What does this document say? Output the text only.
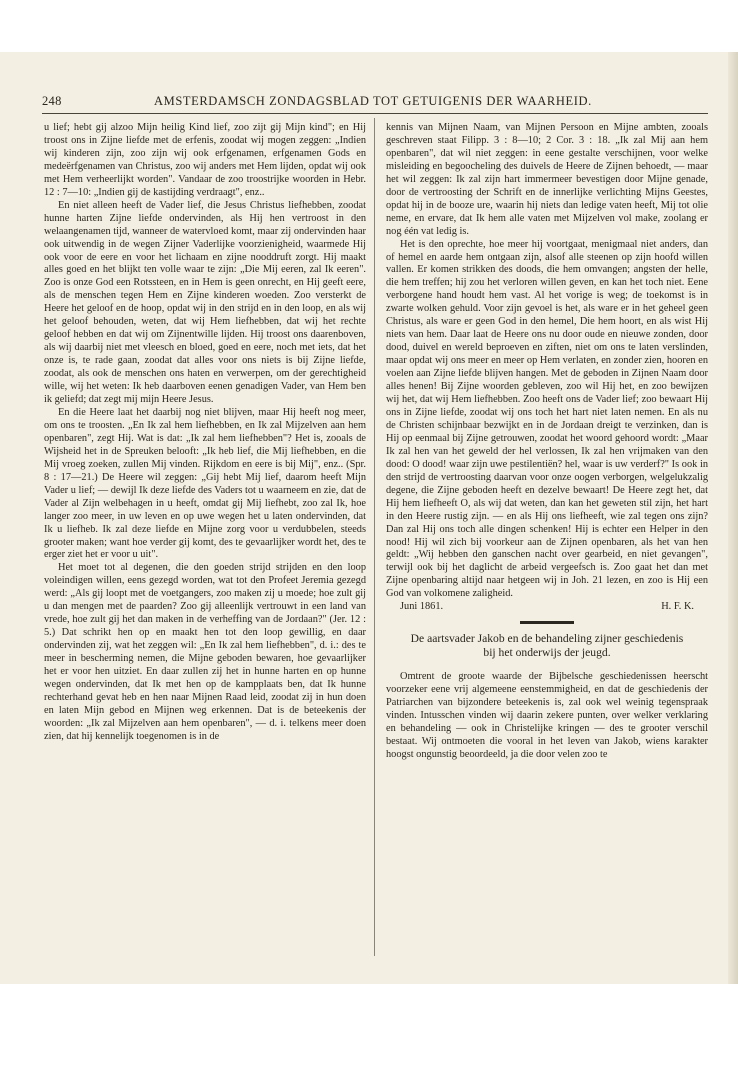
248	AMSTERDAMSCH ZONDAGSBLAD TOT GETUIGENIS DER WAARHEID.

u lief; hebt gij alzoo Mijn heilig Kind lief, zoo zijt gij Mijn kind"; en Hij troost ons in Zijne liefde met de erfenis, zoodat wij mogen zeggen: „Indien wij kinderen zijn, zoo zijn wij ook erfgenamen, erfgenamen Gods en medeërfgenamen van Christus, zoo wij anders met Hem lijden, opdat wij ook met Hem verheerlijkt worden". Vandaar de zoo troostrijke woorden in Hebr. 12 : 7—10: „Indien gij de kastijding verdraagt", enz..

En niet alleen heeft de Vader lief, die Jesus Christus liefhebben, zoodat hunne harten Zijne liefde ondervinden, als Hij hen vertroost in den welaangenamen tijd, wanneer de watervloed komt, maar zij ondervinden haar ook uitwendig in de wegen Zijner Vaderlijke voorzienigheid, waarmede Hij ook voor de eere en voor het lichaam en zijne nooddruft zorgt. Hij maakt alles goed en het blijkt ten volle waar te zijn: „Die Mij eeren, zal Ik eeren". Zoo is onze God een Rotssteen, en in Hem is geen onrecht, en Hij geeft eere, als de menschen tegen Hem en Zijne kinderen woeden. Zoo versterkt de Heere het geloof en de hoop, opdat wij in den strijd en in den loop, en als wij het geloof behouden, weten, dat wij Hem liefhebben, dat wij het rechte geloof hebben en dat wij om Zijnentwille lijden. Hij troost ons daarenboven, als wij daarbij niet met vleesch en bloed, goed en eere, noch met iets, dat het onze is, te rade gaan, zoodat dat alles voor ons niets is bij Zijne liefde, zoodat, als ook de menschen ons haten en verwerpen, om der gerechtigheid wille, wij het weten: Ik heb daarboven eenen genadigen Vader, van Hem ben ik geliefd; dat zegt mij mijn Heere Jesus.

En die Heere laat het daarbij nog niet blijven, maar Hij heeft nog meer, om ons te troosten. „En Ik zal hem liefhebben, en Ik zal Mijzelven aan hem openbaren", zegt Hij. Wat is dat: „Ik zal hem liefhebben"? Het is, zooals de Wijsheid het in de Spreuken belooft: „Ik heb lief, die Mij liefhebben, en die Mij vroeg zoeken, zullen Mij vinden. Rijkdom en eere is bij Mij", enz.. (Spr. 8 : 17—21.) De Heere wil zeggen: „Gij hebt Mij lief, daarom heeft Mijn Vader u lief; — dewijl Ik deze liefde des Vaders tot u waarneem en zie, dat de Vader al Zijn welbehagen in u heeft, omdat gij Mij liefhebt, zoo zal Ik, hoe langer zoo meer, in uw leven en op uwe wegen het u laten ondervinden, dat Ik u liefheb. Ik zal deze liefde en Mijne zorg voor u verdubbelen, steeds grooter maken; want hoe verder gij komt, des te gevaarlijker wordt het, des te erger ziet het er voor u uit".

Het moet tot al degenen, die den goeden strijd strijden en den loop voleindigen willen, eens gezegd worden, wat tot den Profeet Jeremia gezegd werd: „Als gij loopt met de voetgangers, zoo maken zij u moede; hoe zult gij u dan mengen met de paarden? Zoo gij alleenlijk vertrouwt in een land van vrede, hoe zult gij het dan maken in de verheffing van de Jordaan?" (Jer. 12 : 5.) Dat schrikt hen op en maakt hen tot den loop gewillig, en daar ondervinden zij, wat het zeggen wil: „En Ik zal hem liefhebben", d. i.: des te meer in bescherming nemen, die Mijne geboden bewaren, hoe gevaarlijker het er voor hen uitziet. En daar zullen zij het in hunne harten en op hunne wegen ondervinden, dat Ik met hen op de kampplaats ben, dat Ik hunne rechterhand gevat heb en hen naar Mijnen Raad leid, zoodat zij in hun doen en laten Mijn gebod en Mijnen weg erkennen. Dat is de beteekenis der woorden: „Ik zal Mijzelven aan hem openbaren", — d. i. telkens meer doen zien, dat hij kennelijk toegenomen is in de

kennis van Mijnen Naam, van Mijnen Persoon en Mijne ambten, zooals geschreven staat Filipp. 3 : 8—10; 2 Cor. 3 : 18. „Ik zal Mij aan hem openbaren", dat wil niet zeggen: in eene gestalte verschijnen, voor welke misleiding en begoocheling des duivels de Heere de Zijnen behoedt, — maar het wil zeggen: Ik zal zijn hart immermeer bevestigen door Mijne genade, door de vertroosting der Schrift en de innerlijke verlichting Mijns Geestes, opdat hij in de booze ure, waarin hij niets dan ledige vaten heeft, Mij tot olie neme, en ervare, dat Ik hem alle vaten met Mijzelven vol make, zoolang er nog één vat ledig is.

Het is den oprechte, hoe meer hij voortgaat, menigmaal niet anders, dan of hemel en aarde hem ontgaan zijn, alsof alle steenen op zijn hoofd willen vallen. Er komen strikken des doods, die hem omvangen; angsten der helle, die hem treffen; hij zou het verloren willen geven, en kan het toch niet. Eene verborgene hand houdt hem vast. Al het vorige is weg; de toekomst is in zwarte wolken gehuld. Voor zijn gevoel is het, als ware er in het geheel geen Christus, als ware er geen God in den hemel, Die hem hoort, en als wist Hij niets van hem. Daar laat de Heere ons nu door oude en nieuwe zonden, door dood, duivel en wereld beproeven en ziften, niet om ons te laten verslinden, maar opdat wij ons meer en meer op Hem verlaten, en zonder zien, hooren en voelen aan Zijne liefde blijven hangen. Met de geboden in Zijnen Naam door alles henen! Bij Zijne woorden gebleven, zoo wil Hij het, en zoo bewijzen wij het, dat wij Hem liefhebben. Zoo heeft ons de Vader lief; zoo bewaart Hij ons in Zijne liefde, zoodat wij ons toch het hart niet laten nemen. En als nu de Christen schijnbaar bezwijkt en in de Jordaan dreigt te verzinken, dan is Hij op eenmaal bij Zijne getrouwen, zoodat het woord gehoord wordt: „Maar Ik zal hen van het geweld der hel verlossen, Ik zal hen vrijmaken van den dood: O dood! waar zijn uwe pestilentiën? hel, waar is uw verderf?" Is ook in den strijd de vertroosting daarvan voor onze oogen verborgen, welgelukzalig degene, die Zijne geboden heeft en dezelve bewaart! De Heere zegt het, dat Hij hem liefheeft O, als wij dat weten, dan kan het geweten stil zijn, het hart in den Heere rustig zijn. — en als Hij ons liefheeft, wie zal tegen ons zijn? Dan zal Hij ons toch alle dingen schenken! Hij is echter een Helper in den nood! Hij wil zich bij voorkeur aan de Zijnen openbaren, als het van hen geldt: „Wij hebben den ganschen nacht over gearbeid, en niet gevangen", terwijl ook bij het daglicht de arbeid vergeefsch is. Zoo gaat het dan met Zijne openbaring altijd naar hetgeen wij in Joh. 21 lezen, en zoo is Hij een God van volkomene zaligheid.

Juni 1861.	H. F. K.
De aartsvader Jakob en de behandeling zijner geschiedenis
bij het onderwijs der jeugd.

Omtrent de groote waarde der Bijbelsche geschiedenissen heerscht voorzeker eene vrij algemeene eenstemmigheid, en dat de geschiedenis der Patriarchen van bijzondere beteekenis is, zal ook wel weinig tegenspraak vinden. Intusschen vinden wij daarin zekere punten, over welker verklaring en behandeling — ook in Christelijke kringen — des te grooter verschil bestaat. Wij ontmoeten die vooral in het leven van Jakob, wiens karakter hoogst ongunstig beoordeeld, ja die door velen zoo te
